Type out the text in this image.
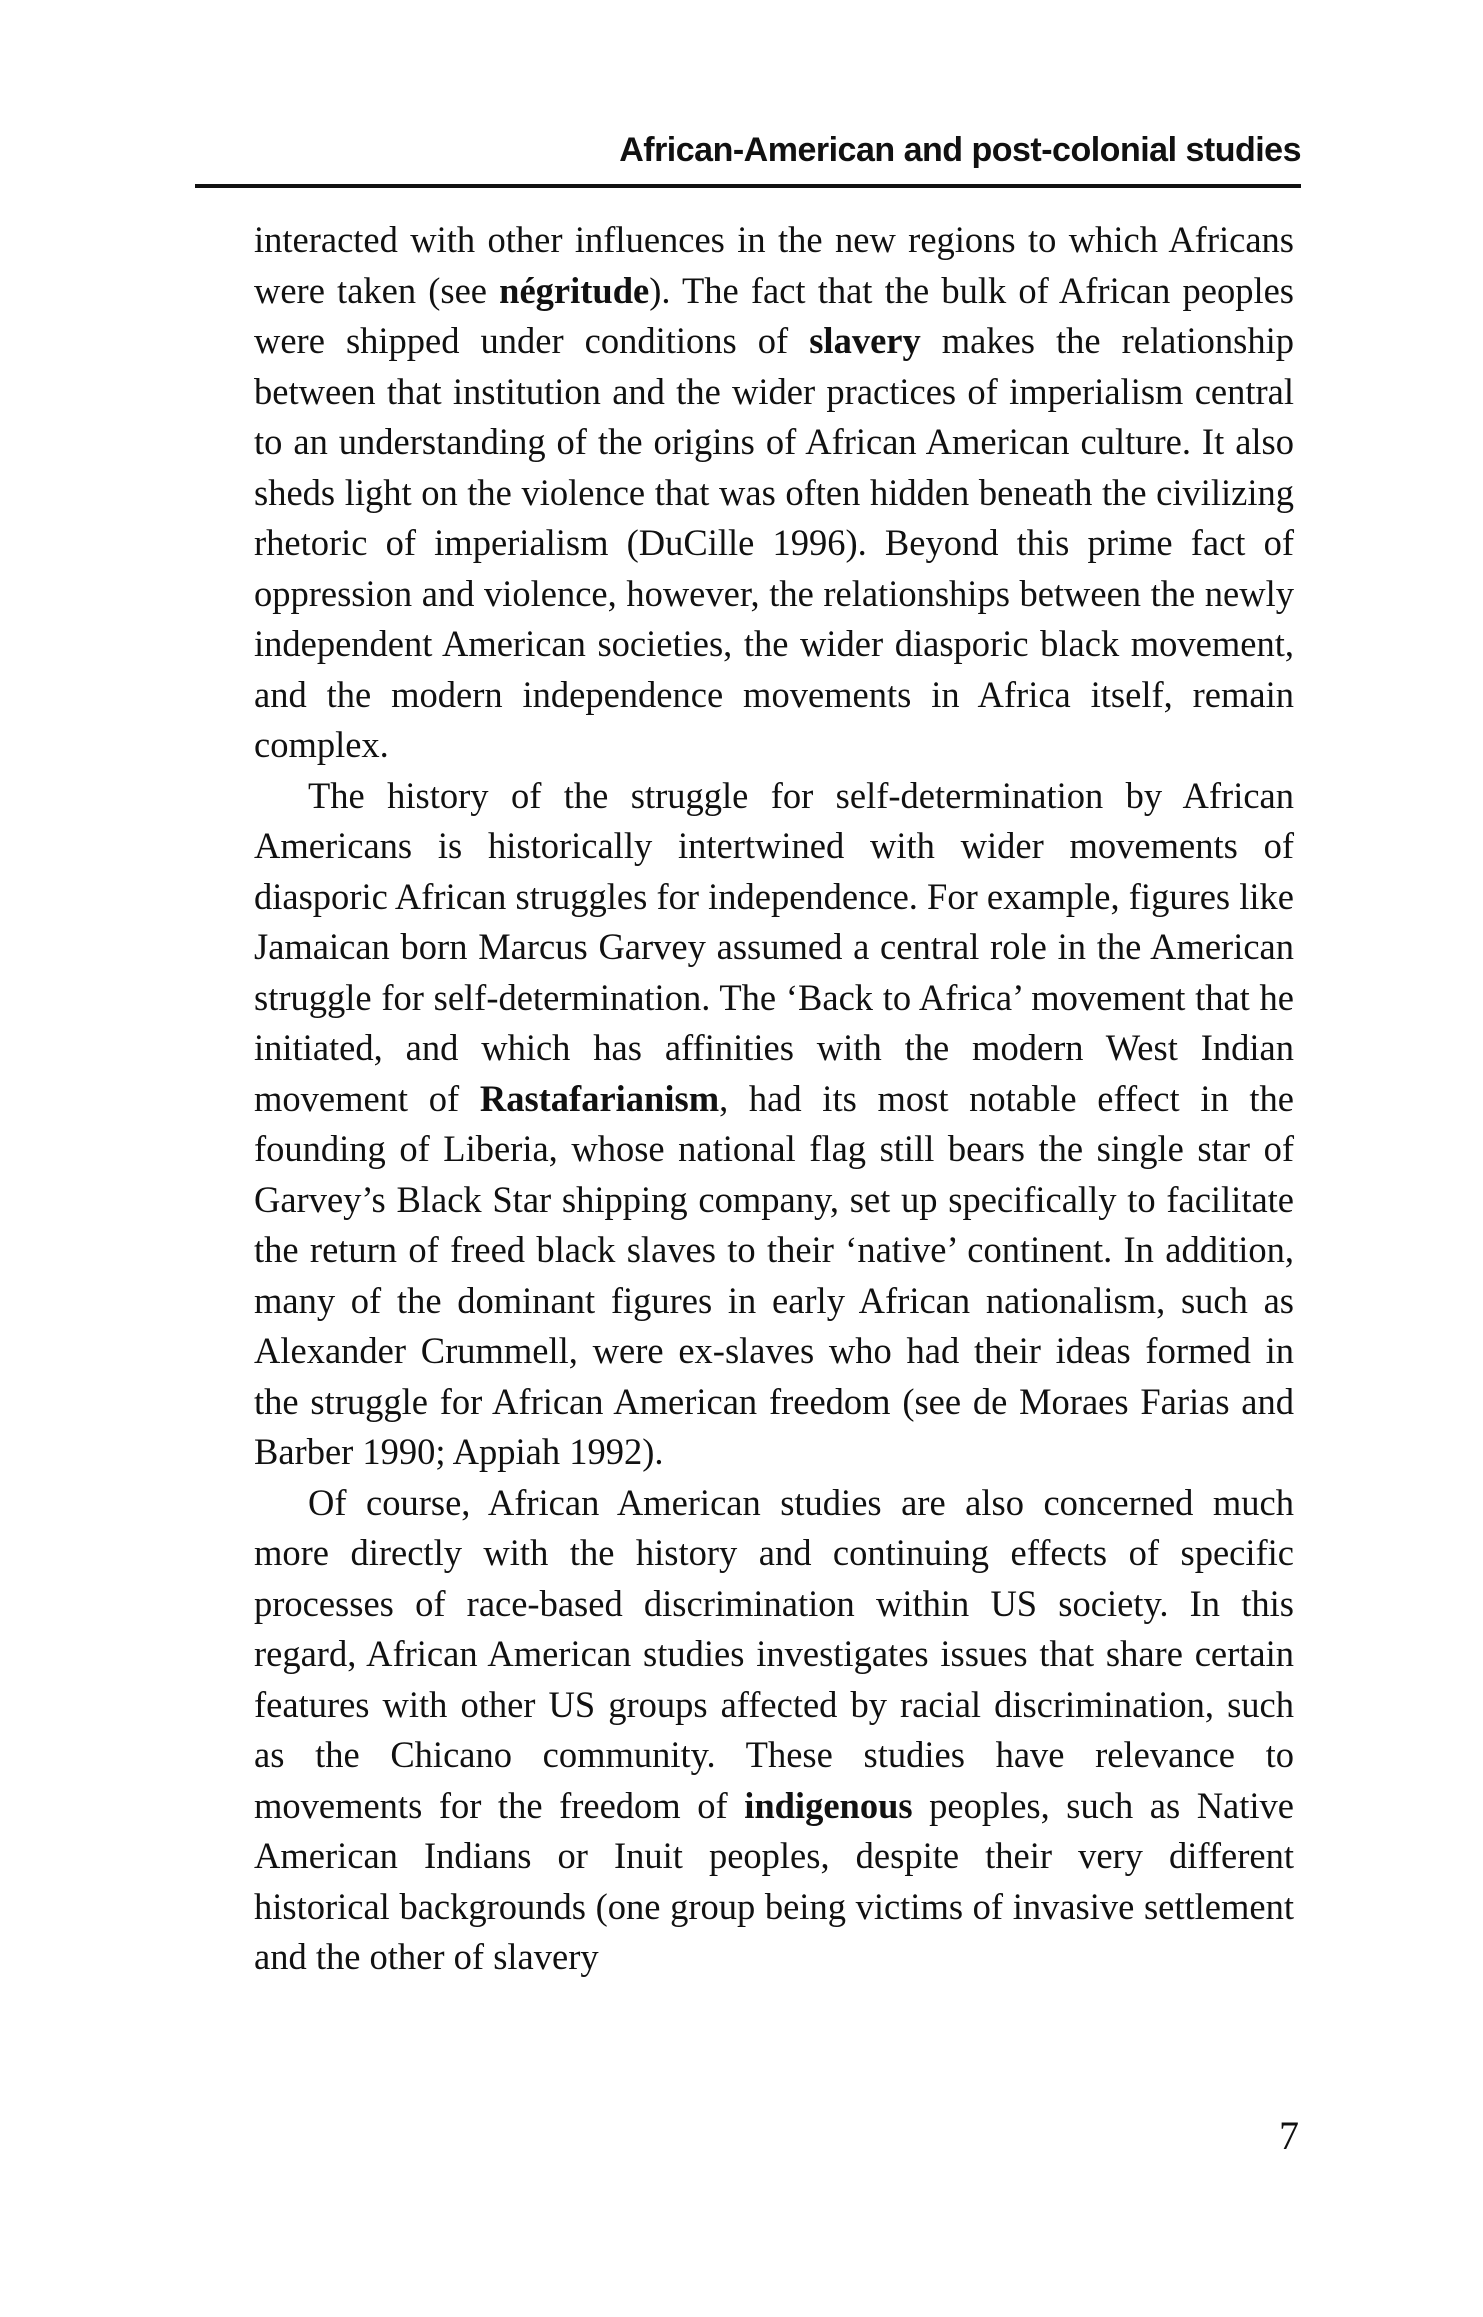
African-American and post-colonial studies

interacted with other influences in the new regions to which Africans were taken (see négritude). The fact that the bulk of African peoples were shipped under conditions of slavery makes the relationship between that institution and the wider practices of imperialism central to an understanding of the origins of African American culture. It also sheds light on the violence that was often hidden beneath the civilizing rhetoric of imperialism (DuCille 1996). Beyond this prime fact of oppression and violence, however, the relationships between the newly independent American societies, the wider diasporic black movement, and the modern independence movements in Africa itself, remain complex.

The history of the struggle for self-determination by African Americans is historically intertwined with wider movements of diasporic African struggles for independence. For example, figures like Jamaican born Marcus Garvey assumed a central role in the American struggle for self-determination. The ‘Back to Africa’ movement that he initiated, and which has affinities with the modern West Indian movement of Rastafarianism, had its most notable effect in the founding of Liberia, whose national flag still bears the single star of Garvey’s Black Star shipping company, set up specifically to facilitate the return of freed black slaves to their ‘native’ continent. In addition, many of the dominant figures in early African nationalism, such as Alexander Crummell, were ex-slaves who had their ideas formed in the struggle for African American freedom (see de Moraes Farias and Barber 1990; Appiah 1992).

Of course, African American studies are also concerned much more directly with the history and continuing effects of specific processes of race-based discrimination within US society. In this regard, African American studies investigates issues that share certain features with other US groups affected by racial discrimination, such as the Chicano community. These studies have relevance to movements for the freedom of indigenous peoples, such as Native American Indians or Inuit peoples, despite their very different historical backgrounds (one group being victims of invasive settlement and the other of slavery

7
